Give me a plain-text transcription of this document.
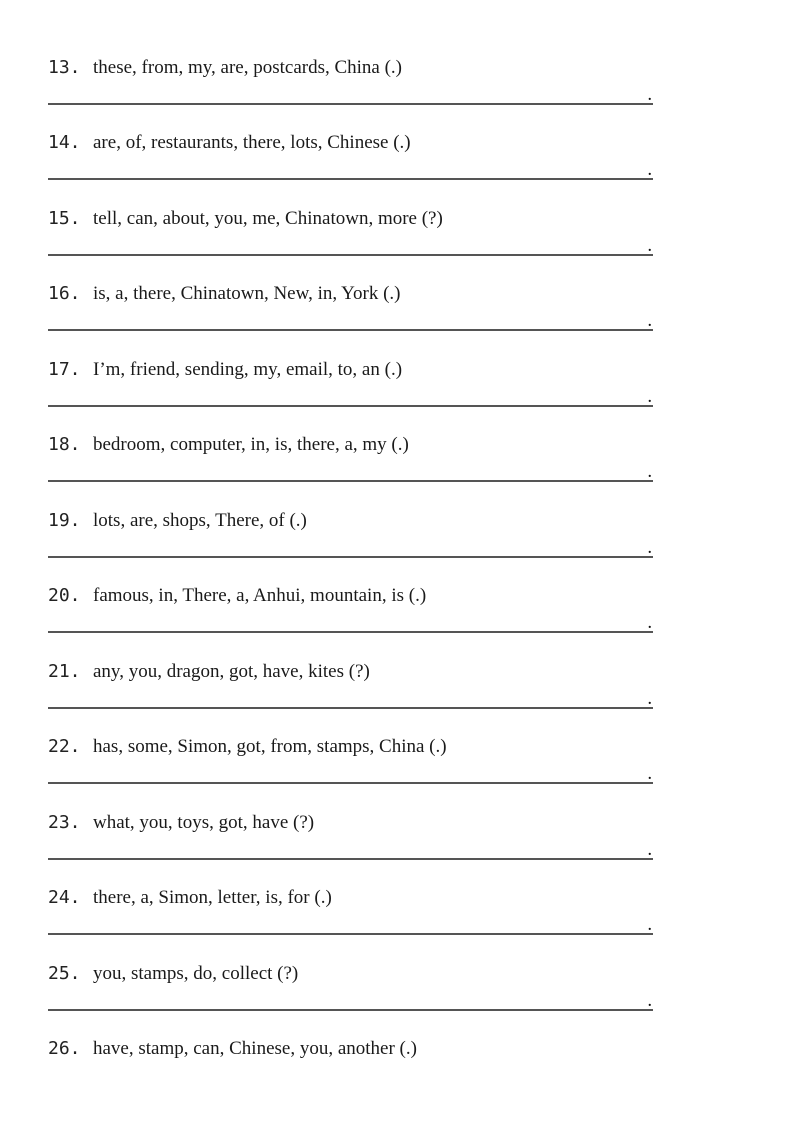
13. these, from, my, are, postcards, China (.)
.
14. are, of, restaurants, there, lots, Chinese (.)
.
15. tell, can, about, you, me, Chinatown, more (?)
.
16. is, a, there, Chinatown, New, in, York (.)
.
17. I’m, friend, sending, my, email, to, an (.)
.
18. bedroom, computer, in, is, there, a, my (.)
.
19. lots, are, shops, There, of (.)
.
20. famous, in, There, a, Anhui, mountain, is (.)
.
21. any, you, dragon, got, have, kites (?)
.
22. has, some, Simon, got, from, stamps, China (.)
.
23. what, you, toys, got, have (?)
.
24. there, a, Simon, letter, is, for (.)
.
25. you, stamps, do, collect (?)
.
26. have, stamp, can, Chinese, you, another (.)
